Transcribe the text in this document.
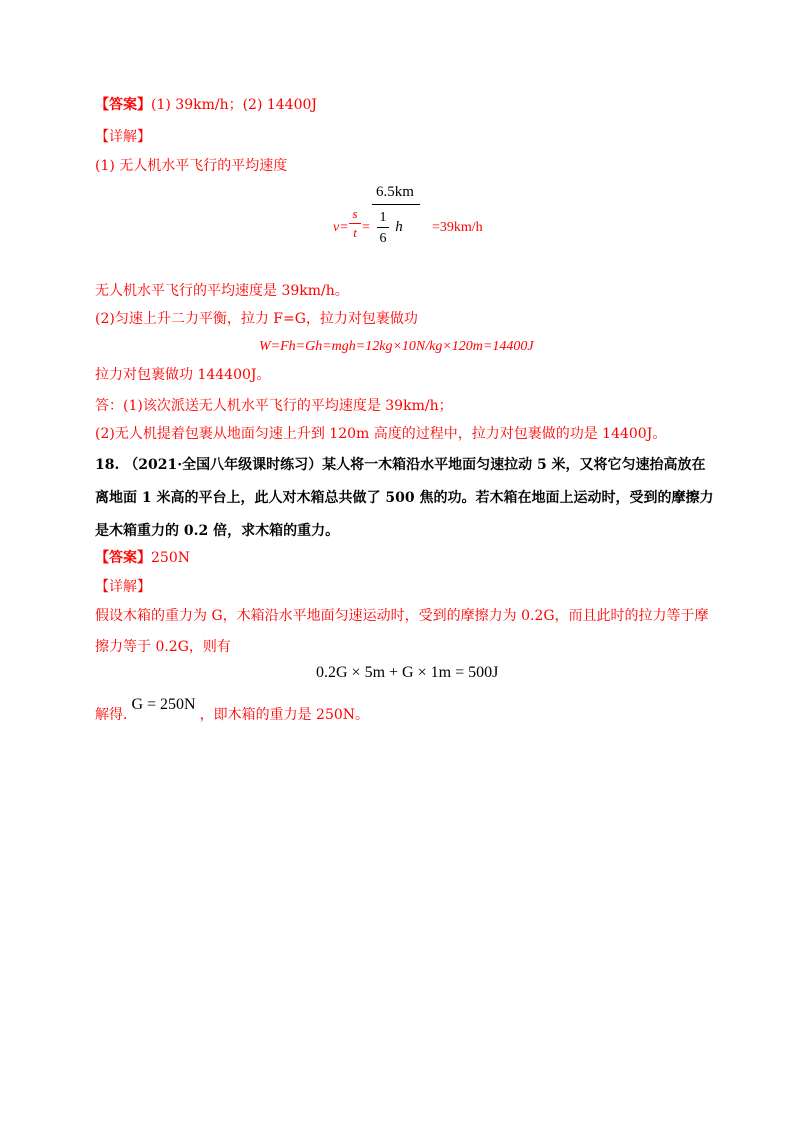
【答案】(1) 39km/h；(2) 14400J
【详解】
(1) 无人机水平飞行的平均速度
v=
s
t =
6.5km
1
6
h =39km/h
无人机水平飞行的平均速度是 39km/h。
(2)匀速上升二力平衡，拉力 F=G，拉力对包裹做功
W=Fh=Gh=mgh=12kg×10N/kg×120m=14400J
拉力对包裹做功 144400J。
答：(1)该次派送无人机水平飞行的平均速度是 39km/h；
(2)无人机提着包裹从地面匀速上升到 120m 高度的过程中，拉力对包裹做的功是 14400J。
18. （2021·全国八年级课时练习）某人将一木箱沿水平地面匀速拉动 5 米，又将它匀速抬高放在
离地面 1 米高的平台上，此人对木箱总共做了 500 焦的功。若木箱在地面上运动时，受到的摩擦力
是木箱重力的 0.2 倍，求木箱的重力。
【答案】250N
【详解】
假设木箱的重力为 G，木箱沿水平地面匀速运动时，受到的摩擦力为 0.2G，而且此时的拉力等于摩
擦力等于 0.2G，则有
0.2G × 5m + G × 1m = 500J
解得.G = 250N，即木箱的重力是 250N。
